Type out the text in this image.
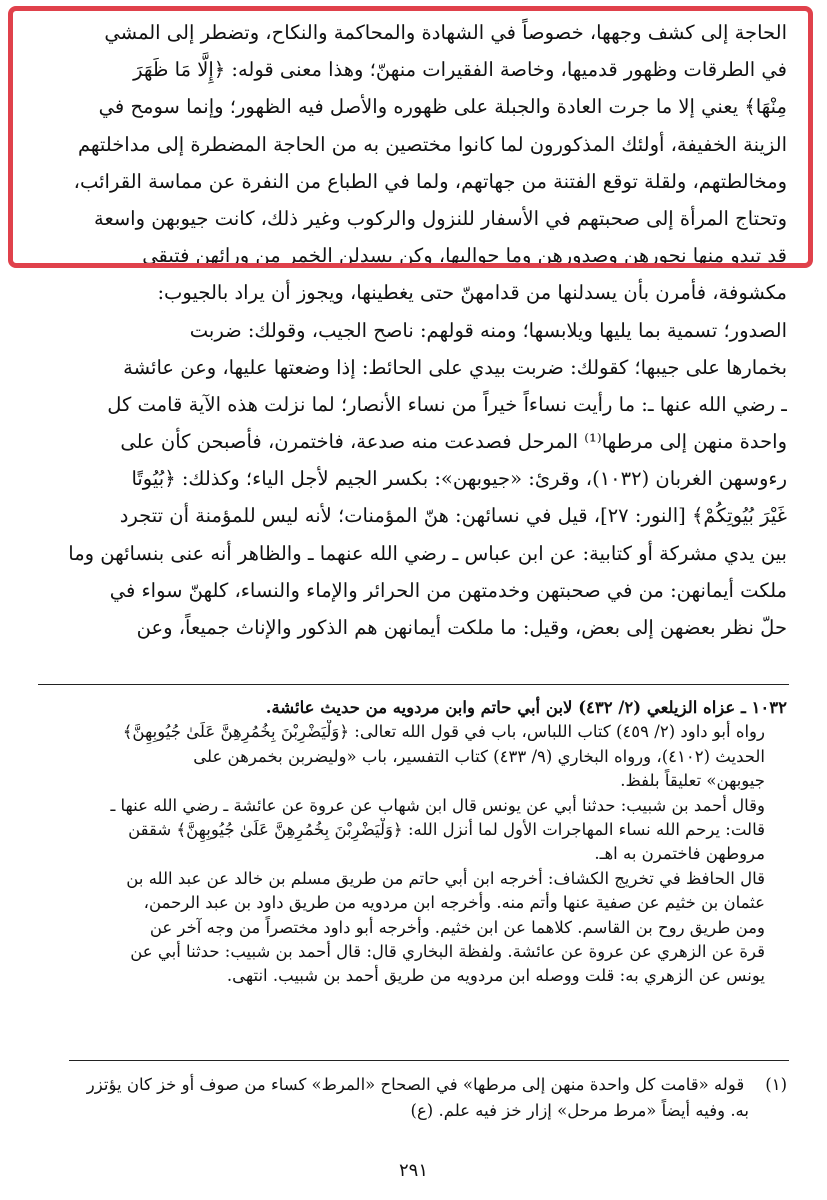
الحاجة إلى كشف وجهها، خصوصاً في الشهادة والمحاكمة والنكاح، وتضطر إلى المشي
في الطرقات وظهور قدميها، وخاصة الفقيرات منهنّ؛ وهذا معنى قوله: ﴿إِلَّا مَا ظَهَرَ
مِنْهَا﴾ يعني إلا ما جرت العادة والجبلة على ظهوره والأصل فيه الظهور؛ وإنما سومح في
الزينة الخفيفة، أولئك المذكورون لما كانوا مختصين به من الحاجة المضطرة إلى مداخلتهم
ومخالطتهم، ولقلة توقع الفتنة من جهاتهم، ولما في الطباع من النفرة عن مماسة القرائب،
وتحتاج المرأة إلى صحبتهم في الأسفار للنزول والركوب وغير ذلك، كانت جيوبهن واسعة
قد تبدو منها نحورهن وصدورهن وما حواليها، وكن يسدلن الخمر من ورائهن فتبقى
مكشوفة، فأمرن بأن يسدلنها من قدامهنّ حتى يغطينها، ويجوز أن يراد بالجيوب:
الصدور؛ تسمية بما يليها ويلابسها؛ ومنه قولهم: ناصح الجيب، وقولك: ضربت
بخمارها على جيبها؛ كقولك: ضربت بيدي على الحائط: إذا وضعتها عليها، وعن عائشة
ـ رضي الله عنها ـ: ما رأيت نساءاً خيراً من نساء الأنصار؛ لما نزلت هذه الآية قامت كل
واحدة منهن إلى مرطها⁽¹⁾ المرحل فصدعت منه صدعة، فاختمرن، فأصبحن كأن على
رءوسهن الغربان (١٠٣٢)، وقرئ: «جيوبهن»: بكسر الجيم لأجل الياء؛ وكذلك: ﴿بُيُوتًا
غَيْرَ بُيُوتِكُمْ﴾ [النور: ٢٧]، قيل في نسائهن: هنّ المؤمنات؛ لأنه ليس للمؤمنة أن تتجرد
بين يدي مشركة أو كتابية: عن ابن عباس ـ رضي الله عنهما ـ والظاهر أنه عنى بنسائهن وما
ملكت أيمانهن: من في صحبتهن وخدمتهن من الحرائر والإماء والنساء، كلهنّ سواء في
حلّ نظر بعضهن إلى بعض، وقيل: ما ملكت أيمانهن هم الذكور والإناث جميعاً، وعن
١٠٣٢ ـ عزاه الزيلعي (٢/ ٤٣٢) لابن أبي حاتم وابن مردويه من حديث عائشة.
رواه أبو داود (٢/ ٤٥٩) كتاب اللباس، باب في قول الله تعالى: ﴿وَلْيَضْرِبْنَ بِخُمُرِهِنَّ عَلَىٰ جُيُوبِهِنَّ﴾
الحديث (٤١٠٢)، ورواه البخاري (٩/ ٤٣٣) كتاب التفسير، باب «وليضربن بخمرهن على
جيوبهن» تعليقاً بلفظ.
وقال أحمد بن شبيب: حدثنا أبي عن يونس قال ابن شهاب عن عروة عن عائشة ـ رضي الله عنها ـ
قالت: يرحم الله نساء المهاجرات الأول لما أنزل الله: ﴿وَلْيَضْرِبْنَ بِخُمُرِهِنَّ عَلَىٰ جُيُوبِهِنَّ﴾ شققن
مروطهن فاختمرن به اهـ.
قال الحافظ في تخريج الكشاف: أخرجه ابن أبي حاتم من طريق مسلم بن خالد عن عبد الله بن
عثمان بن خثيم عن صفية عنها وأتم منه. وأخرجه ابن مردويه من طريق داود بن عبد الرحمن،
ومن طريق روح بن القاسم. كلاهما عن ابن خثيم. وأخرجه أبو داود مختصراً من وجه آخر عن
قرة عن الزهري عن عروة عن عائشة. ولفظة البخاري قال: قال أحمد بن شبيب: حدثنا أبي عن
يونس عن الزهري به: قلت ووصله ابن مردويه من طريق أحمد بن شبيب. انتهى.
(١)    قوله «قامت كل واحدة منهن إلى مرطها» في الصحاح «المرط» كساء من صوف أو خز كان يؤتزر
به. وفيه أيضاً «مرط مرحل» إزار خز فيه علم. (ع)
٢٩١
